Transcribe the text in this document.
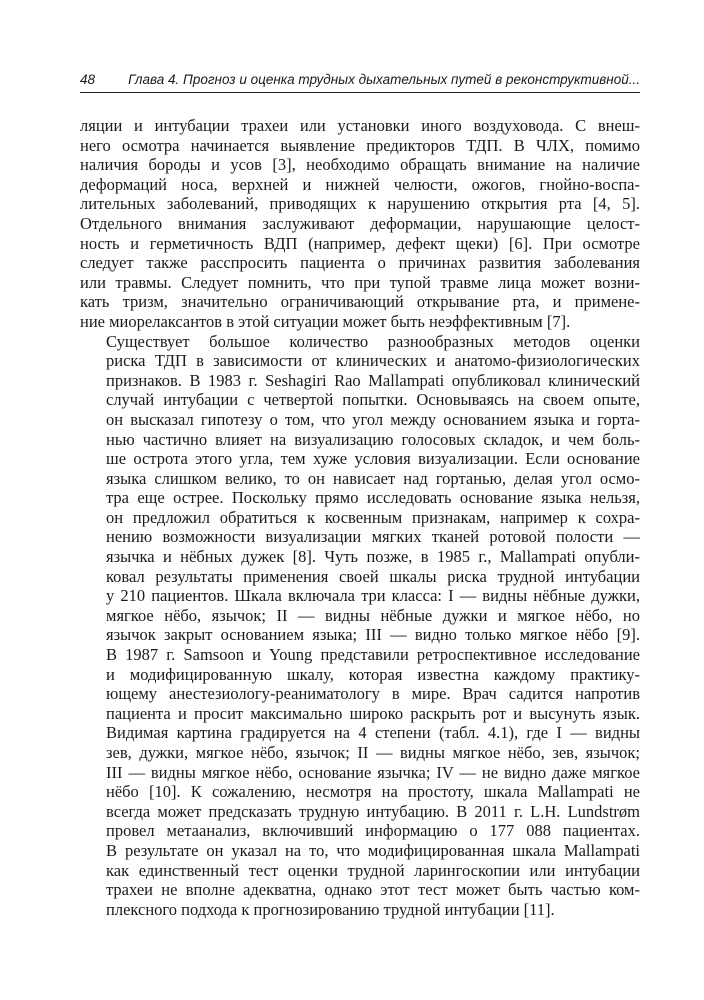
48 Глава 4. Прогноз и оценка трудных дыхательных путей в реконструктивной...

ляции и интубации трахеи или установки иного воздуховода. С внеш-
него осмотра начинается выявление предикторов ТДП. В ЧЛХ, помимо
наличия бороды и усов [3], необходимо обращать внимание на наличие
деформаций носа, верхней и нижней челюсти, ожогов, гнойно-воспа-
лительных заболеваний, приводящих к нарушению открытия рта [4, 5].
Отдельного внимания заслуживают деформации, нарушающие целост-
ность и герметичность ВДП (например, дефект щеки) [6]. При осмотре
следует также расспросить пациента о причинах развития заболевания
или травмы. Следует помнить, что при тупой травме лица может возни-
кать тризм, значительно ограничивающий открывание рта, и примене-
ние миорелаксантов в этой ситуации может быть неэффективным [7].

Существует большое количество разнообразных методов оценки
риска ТДП в зависимости от клинических и анатомо-физиологических
признаков. В 1983 г. Seshagiri Rao Mallampati опубликовал клинический
случай интубации с четвертой попытки. Основываясь на своем опыте,
он высказал гипотезу о том, что угол между основанием языка и горта-
нью частично влияет на визуализацию голосовых складок, и чем боль-
ше острота этого угла, тем хуже условия визуализации. Если основание
языка слишком велико, то он нависает над гортанью, делая угол осмо-
тра еще острее. Поскольку прямо исследовать основание языка нельзя,
он предложил обратиться к косвенным признакам, например к сохра-
нению возможности визуализации мягких тканей ротовой полости —
язычка и нёбных дужек [8]. Чуть позже, в 1985 г., Mallampati опубли-
ковал результаты применения своей шкалы риска трудной интубации
у 210 пациентов. Шкала включала три класса: I — видны нёбные дужки,
мягкое нёбо, язычок; II — видны нёбные дужки и мягкое нёбо, но
язычок закрыт основанием языка; III — видно только мягкое нёбо [9].
В 1987 г. Samsoon и Young представили ретроспективное исследование
и модифицированную шкалу, которая известна каждому практику-
ющему анестезиологу-реаниматологу в мире. Врач садится напротив
пациента и просит максимально широко раскрыть рот и высунуть язык.
Видимая картина градируется на 4 степени (табл. 4.1), где I — видны
зев, дужки, мягкое нёбо, язычок; II — видны мягкое нёбо, зев, язычок;
III — видны мягкое нёбо, основание язычка; IV — не видно даже мягкое
нёбо [10]. К сожалению, несмотря на простоту, шкала Mallampati не
всегда может предсказать трудную интубацию. В 2011 г. L.H. Lundstrøm
провел метаанализ, включивший информацию о 177 088 пациентах.
В результате он указал на то, что модифицированная шкала Mallampati
как единственный тест оценки трудной ларингоскопии или интубации
трахеи не вполне адекватна, однако этот тест может быть частью ком-
плексного подхода к прогнозированию трудной интубации [11].
